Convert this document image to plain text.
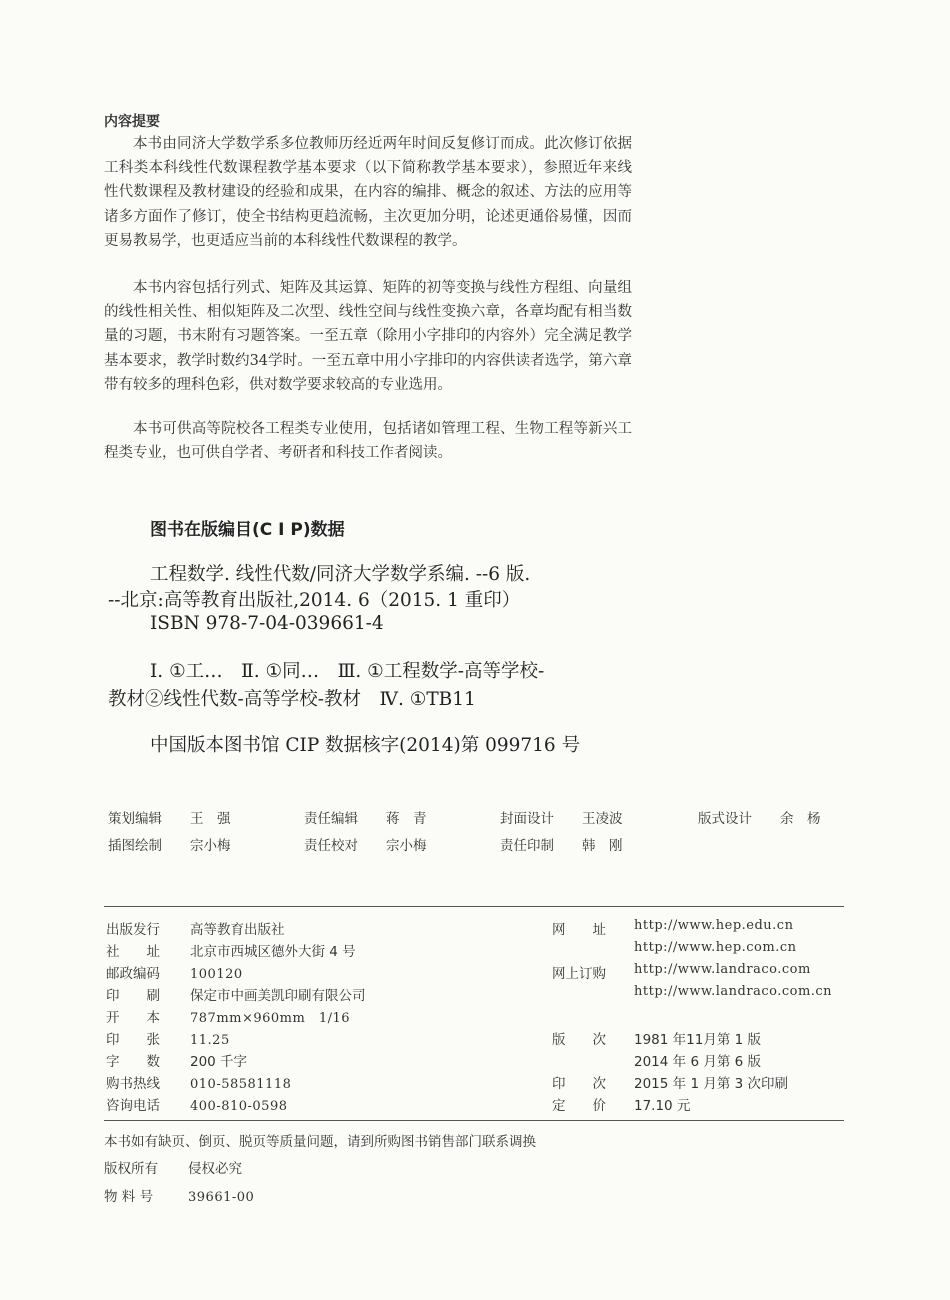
内容提要
本书由同济大学数学系多位教师历经近两年时间反复修订而成。此次修订依据工科类本科线性代数课程教学基本要求（以下简称教学基本要求），参照近年来线性代数课程及教材建设的经验和成果，在内容的编排、概念的叙述、方法的应用等诸多方面作了修订，使全书结构更趋流畅，主次更加分明，论述更通俗易懂，因而更易教易学，也更适应当前的本科线性代数课程的教学。
本书内容包括行列式、矩阵及其运算、矩阵的初等变换与线性方程组、向量组的线性相关性、相似矩阵及二次型、线性空间与线性变换六章，各章均配有相当数量的习题，书末附有习题答案。一至五章（除用小字排印的内容外）完全满足教学基本要求，教学时数约34学时。一至五章中用小字排印的内容供读者选学，第六章带有较多的理科色彩，供对数学要求较高的专业选用。
本书可供高等院校各工程类专业使用，包括诸如管理工程、生物工程等新兴工程类专业，也可供自学者、考研者和科技工作者阅读。
图书在版编目(C I P)数据
工程数学. 线性代数/同济大学数学系编. --6 版.
--北京:高等教育出版社,2014. 6（2015. 1 重印）
ISBN 978-7-04-039661-4
Ⅰ. ①工…　Ⅱ. ①同…　Ⅲ. ①工程数学-高等学校-
教材②线性代数-高等学校-教材　Ⅳ. ①TB11
中国版本图书馆 CIP 数据核字(2014)第 099716 号
策划编辑 王　强	责任编辑 蒋　青	封面设计 王凌波	版式设计 余　杨
插图绘制 宗小梅	责任校对 宗小梅	责任印制 韩　刚
出版发行 高等教育出版社
社　　址 北京市西城区德外大街 4 号
邮政编码 100120
印　　刷 保定市中画美凯印刷有限公司
开　　本 787mm×960mm　1/16
印　　张 11.25
字　　数 200 千字
购书热线 010-58581118
咨询电话 400-810-0598
网　　址 http://www.hep.edu.cn
http://www.hep.com.cn
网上订购 http://www.landraco.com
http://www.landraco.com.cn
版　　次 1981 年11月第 1 版
2014 年 6 月第 6 版
印　　次 2015 年 1 月第 3 次印刷
定　　价 17.10 元
本书如有缺页、倒页、脱页等质量问题，请到所购图书销售部门联系调换
版权所有 侵权必究
物 料 号	39661-00
